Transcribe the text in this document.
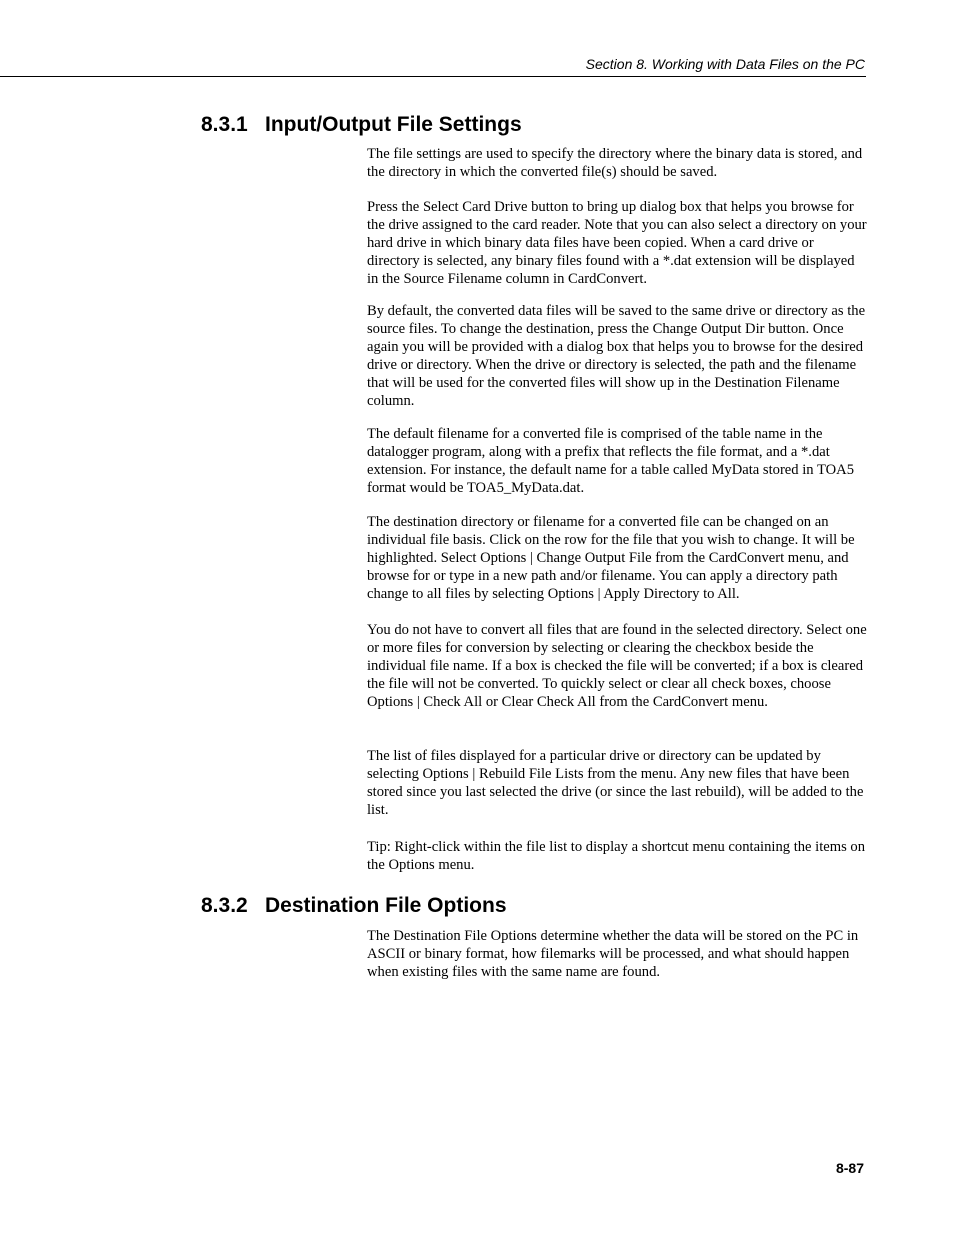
Section 8. Working with Data Files on the PC
8.3.1 Input/Output File Settings

The file settings are used to specify the directory where the binary data is stored, and the directory in which the converted file(s) should be saved.

Press the Select Card Drive button to bring up dialog box that helps you browse for the drive assigned to the card reader. Note that you can also select a directory on your hard drive in which binary data files have been copied. When a card drive or directory is selected, any binary files found with a *.dat extension will be displayed in the Source Filename column in CardConvert.

By default, the converted data files will be saved to the same drive or directory as the source files. To change the destination, press the Change Output Dir button. Once again you will be provided with a dialog box that helps you to browse for the desired drive or directory. When the drive or directory is selected, the path and the filename that will be used for the converted files will show up in the Destination Filename column.

The default filename for a converted file is comprised of the table name in the datalogger program, along with a prefix that reflects the file format, and a *.dat extension. For instance, the default name for a table called MyData stored in TOA5 format would be TOA5_MyData.dat.

The destination directory or filename for a converted file can be changed on an individual file basis. Click on the row for the file that you wish to change. It will be highlighted. Select Options | Change Output File from the CardConvert menu, and browse for or type in a new path and/or filename. You can apply a directory path change to all files by selecting Options | Apply Directory to All.

You do not have to convert all files that are found in the selected directory. Select one or more files for conversion by selecting or clearing the checkbox beside the individual file name. If a box is checked the file will be converted; if a box is cleared the file will not be converted. To quickly select or clear all check boxes, choose Options | Check All or Clear Check All from the CardConvert menu.

The list of files displayed for a particular drive or directory can be updated by selecting Options | Rebuild File Lists from the menu. Any new files that have been stored since you last selected the drive (or since the last rebuild), will be added to the list.

Tip: Right-click within the file list to display a shortcut menu containing the items on the Options menu.

8.3.2 Destination File Options

The Destination File Options determine whether the data will be stored on the PC in ASCII or binary format, how filemarks will be processed, and what should happen when existing files with the same name are found.

8-87
